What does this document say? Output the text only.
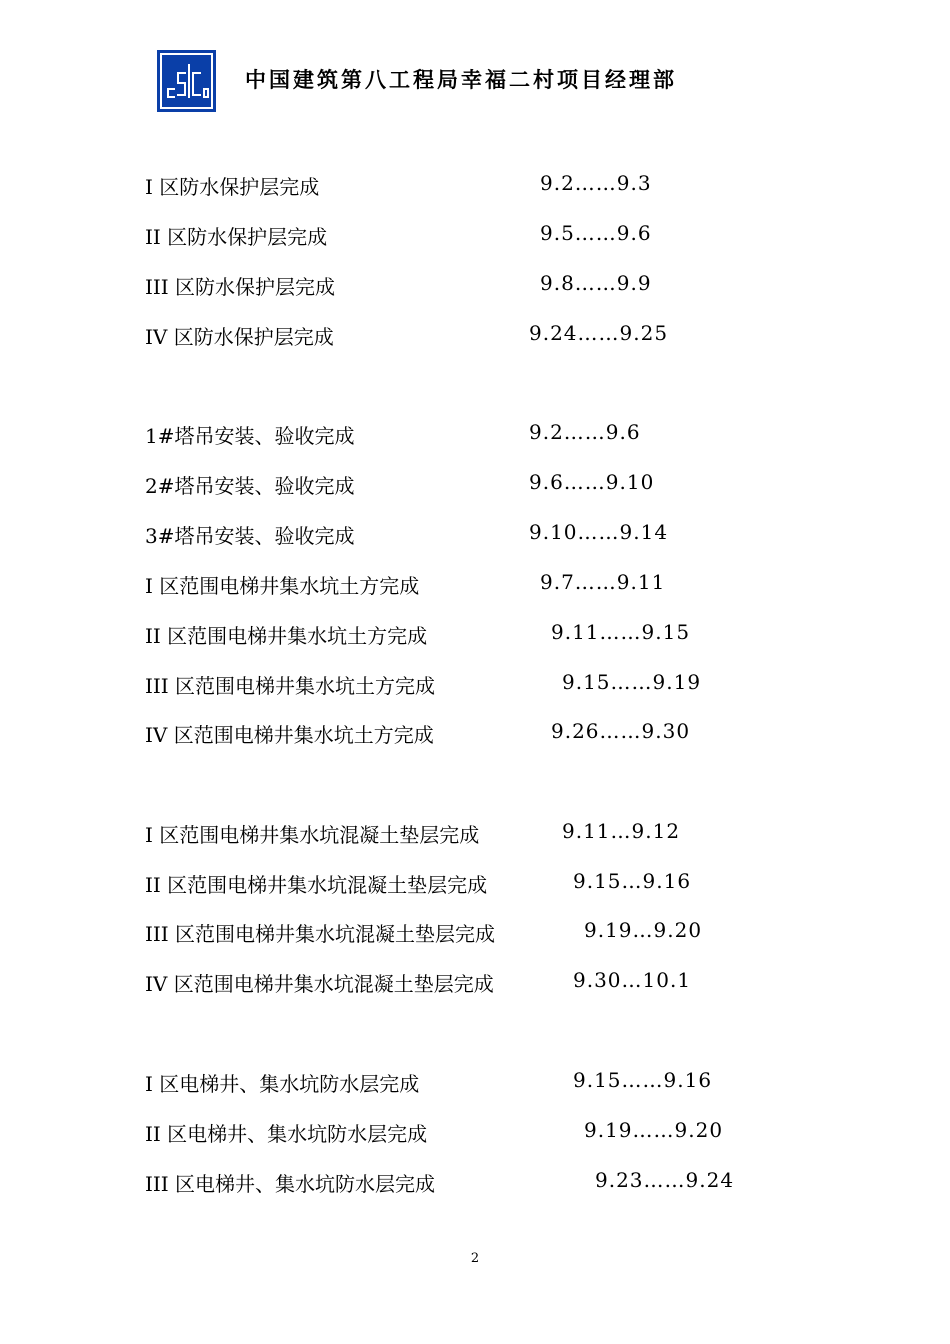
中国建筑第八工程局幸福二村项目经理部
I 区防水保护层完成	9.2……9.3
II 区防水保护层完成	9.5……9.6
III 区防水保护层完成	9.8……9.9
IV 区防水保护层完成	9.24……9.25
1#塔吊安装、验收完成	9.2……9.6
2#塔吊安装、验收完成	9.6……9.10
3#塔吊安装、验收完成	9.10……9.14
I 区范围电梯井集水坑土方完成	9.7……9.11
II 区范围电梯井集水坑土方完成	9.11……9.15
III 区范围电梯井集水坑土方完成	9.15……9.19
IV 区范围电梯井集水坑土方完成	9.26……9.30
I 区范围电梯井集水坑混凝土垫层完成	9.11…9.12
II 区范围电梯井集水坑混凝土垫层完成	9.15…9.16
III 区范围电梯井集水坑混凝土垫层完成	9.19…9.20
IV 区范围电梯井集水坑混凝土垫层完成	9.30…10.1
I 区电梯井、集水坑防水层完成	9.15……9.16
II 区电梯井、集水坑防水层完成	9.19……9.20
III 区电梯井、集水坑防水层完成	9.23……9.24
2
